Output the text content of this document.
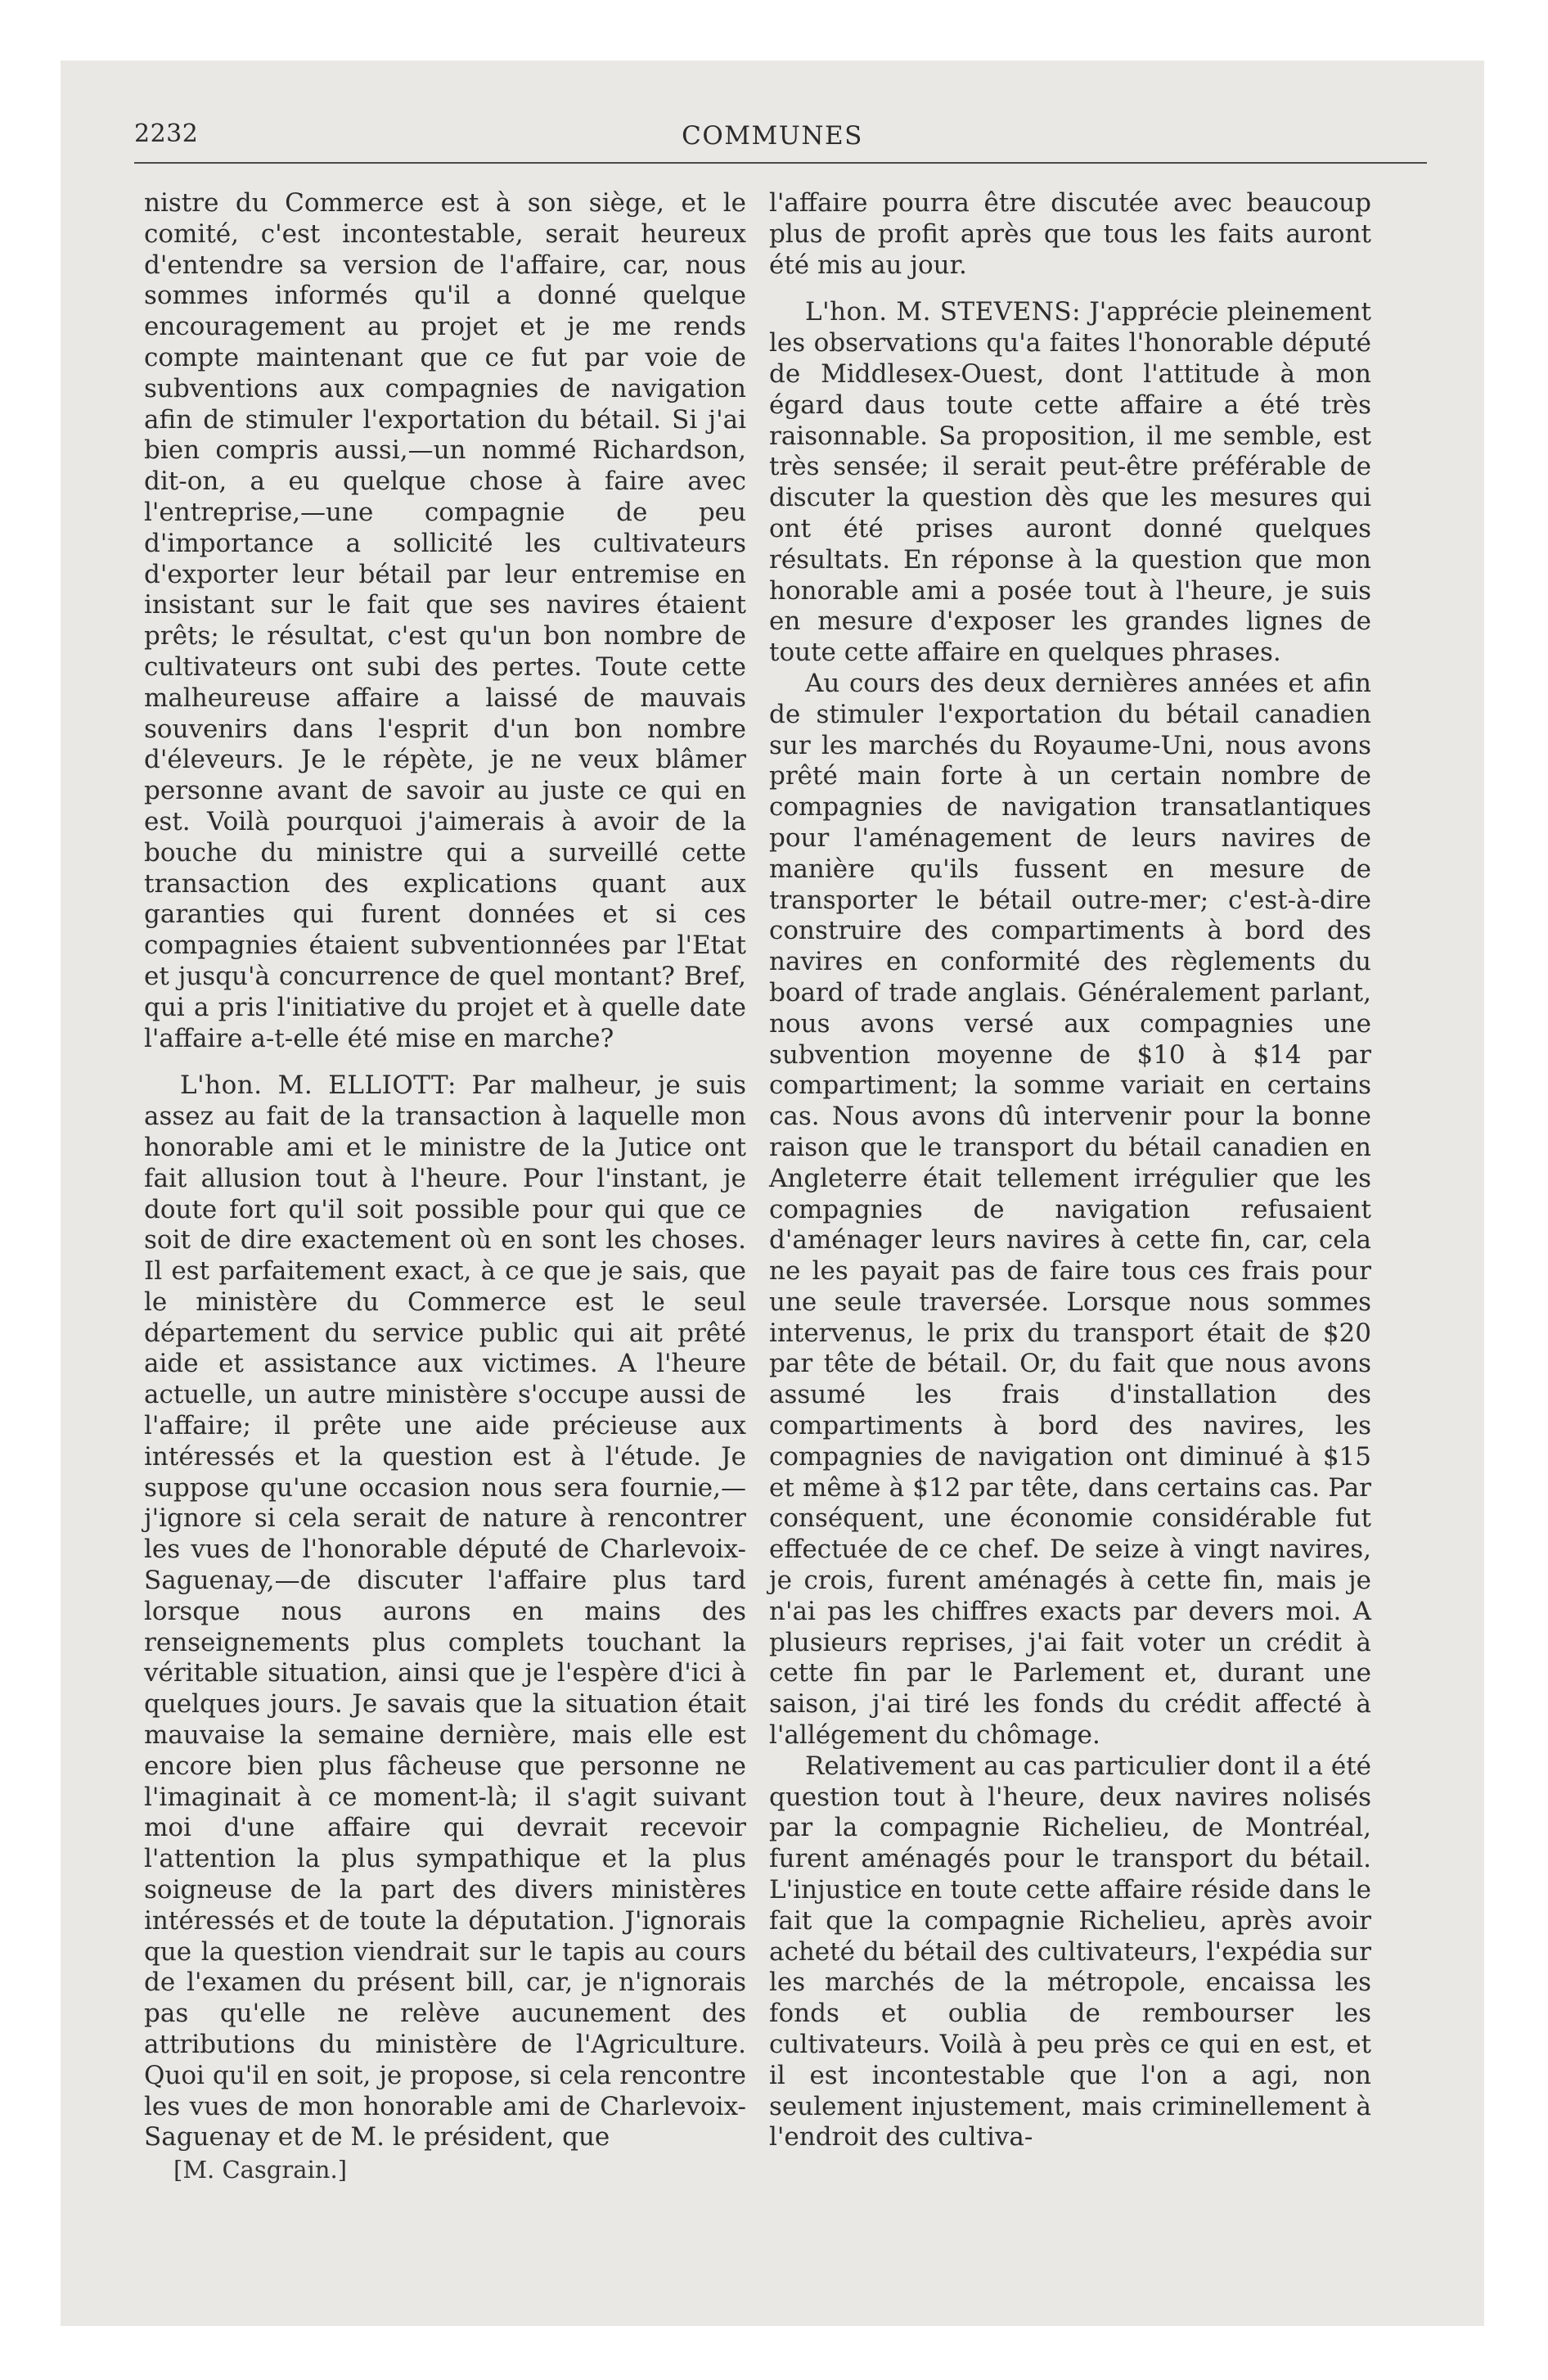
2232	COMMUNES

nistre du Commerce est à son siège, et le comité, c'est incontestable, serait heureux d'entendre sa version de l'affaire, car, nous sommes informés qu'il a donné quelque encouragement au projet et je me rends compte maintenant que ce fut par voie de subventions aux compagnies de navigation afin de stimuler l'exportation du bétail. Si j'ai bien compris aussi,—un nommé Richardson, dit-on, a eu quelque chose à faire avec l'entreprise,—une compagnie de peu d'importance a sollicité les cultivateurs d'exporter leur bétail par leur entremise en insistant sur le fait que ses navires étaient prêts; le résultat, c'est qu'un bon nombre de cultivateurs ont subi des pertes. Toute cette malheureuse affaire a laissé de mauvais souvenirs dans l'esprit d'un bon nombre d'éleveurs. Je le répète, je ne veux blâmer personne avant de savoir au juste ce qui en est. Voilà pourquoi j'aimerais à avoir de la bouche du ministre qui a surveillé cette transaction des explications quant aux garanties qui furent données et si ces compagnies étaient subventionnées par l'Etat et jusqu'à concurrence de quel montant? Bref, qui a pris l'initiative du projet et à quelle date l'affaire a-t-elle été mise en marche?

L'hon. M. ELLIOTT: Par malheur, je suis assez au fait de la transaction à laquelle mon honorable ami et le ministre de la Jutice ont fait allusion tout à l'heure. Pour l'instant, je doute fort qu'il soit possible pour qui que ce soit de dire exactement où en sont les choses. Il est parfaitement exact, à ce que je sais, que le ministère du Commerce est le seul département du service public qui ait prêté aide et assistance aux victimes. A l'heure actuelle, un autre ministère s'occupe aussi de l'affaire; il prête une aide précieuse aux intéressés et la question est à l'étude. Je suppose qu'une occasion nous sera fournie,—j'ignore si cela serait de nature à rencontrer les vues de l'honorable député de Charlevoix-Saguenay,—de discuter l'affaire plus tard lorsque nous aurons en mains des renseignements plus complets touchant la véritable situation, ainsi que je l'espère d'ici à quelques jours. Je savais que la situation était mauvaise la semaine dernière, mais elle est encore bien plus fâcheuse que personne ne l'imaginait à ce moment-là; il s'agit suivant moi d'une affaire qui devrait recevoir l'attention la plus sympathique et la plus soigneuse de la part des divers ministères intéressés et de toute la députation. J'ignorais que la question viendrait sur le tapis au cours de l'examen du présent bill, car, je n'ignorais pas qu'elle ne relève aucunement des attributions du ministère de l'Agriculture. Quoi qu'il en soit, je propose, si cela rencontre les vues de mon honorable ami de Charlevoix-Saguenay et de M. le président, que

[M. Casgrain.]

l'affaire pourra être discutée avec beaucoup plus de profit après que tous les faits auront été mis au jour.

L'hon. M. STEVENS: J'apprécie pleinement les observations qu'a faites l'honorable député de Middlesex-Ouest, dont l'attitude à mon égard daus toute cette affaire a été très raisonnable. Sa proposition, il me semble, est très sensée; il serait peut-être préférable de discuter la question dès que les mesures qui ont été prises auront donné quelques résultats. En réponse à la question que mon honorable ami a posée tout à l'heure, je suis en mesure d'exposer les grandes lignes de toute cette affaire en quelques phrases.

Au cours des deux dernières années et afin de stimuler l'exportation du bétail canadien sur les marchés du Royaume-Uni, nous avons prêté main forte à un certain nombre de compagnies de navigation transatlantiques pour l'aménagement de leurs navires de manière qu'ils fussent en mesure de transporter le bétail outre-mer; c'est-à-dire construire des compartiments à bord des navires en conformité des règlements du board of trade anglais. Généralement parlant, nous avons versé aux compagnies une subvention moyenne de $10 à $14 par compartiment; la somme variait en certains cas. Nous avons dû intervenir pour la bonne raison que le transport du bétail canadien en Angleterre était tellement irrégulier que les compagnies de navigation refusaient d'aménager leurs navires à cette fin, car, cela ne les payait pas de faire tous ces frais pour une seule traversée. Lorsque nous sommes intervenus, le prix du transport était de $20 par tête de bétail. Or, du fait que nous avons assumé les frais d'installation des compartiments à bord des navires, les compagnies de navigation ont diminué à $15 et même à $12 par tête, dans certains cas. Par conséquent, une économie considérable fut effectuée de ce chef. De seize à vingt navires, je crois, furent aménagés à cette fin, mais je n'ai pas les chiffres exacts par devers moi. A plusieurs reprises, j'ai fait voter un crédit à cette fin par le Parlement et, durant une saison, j'ai tiré les fonds du crédit affecté à l'allégement du chômage.

Relativement au cas particulier dont il a été question tout à l'heure, deux navires nolisés par la compagnie Richelieu, de Montréal, furent aménagés pour le transport du bétail. L'injustice en toute cette affaire réside dans le fait que la compagnie Richelieu, après avoir acheté du bétail des cultivateurs, l'expédia sur les marchés de la métropole, encaissa les fonds et oublia de rembourser les cultivateurs. Voilà à peu près ce qui en est, et il est incontestable que l'on a agi, non seulement injustement, mais criminellement à l'endroit des cultiva-
